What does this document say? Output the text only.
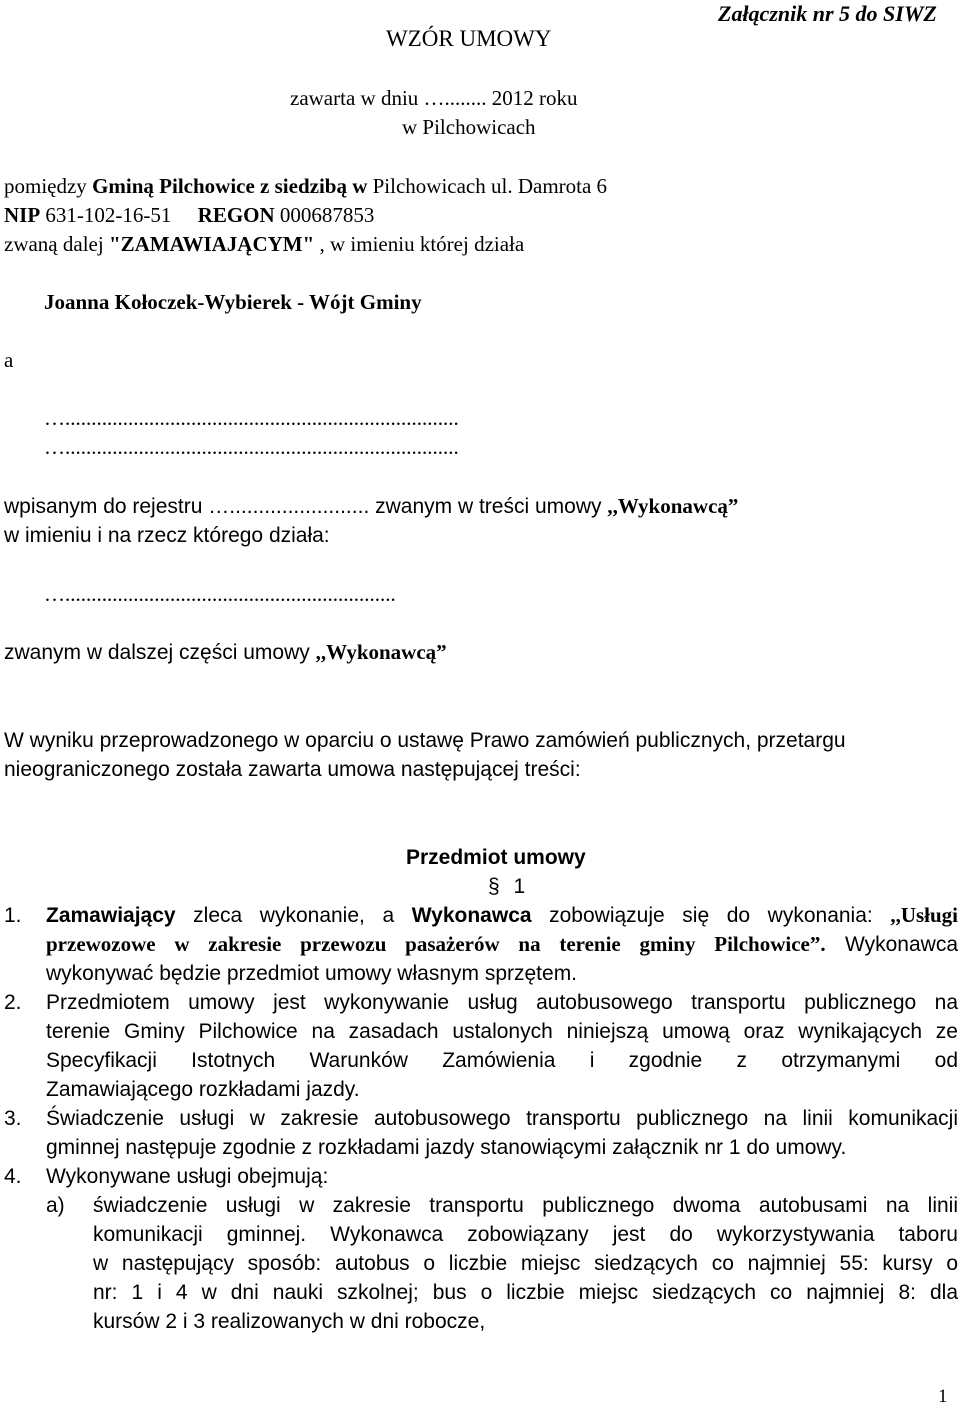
WZÓR UMOWY
Załącznik nr 5 do SIWZ
zawarta w dniu …........ 2012 roku
w Pilchowicach
pomiędzy Gminą Pilchowice z siedzibą w Pilchowicach ul. Damrota 6
NIP 631-102-16-51     REGON 000687853
zwaną dalej "ZAMAWIAJĄCYM" , w imieniu której działa
Joanna Kołoczek-Wybierek - Wójt Gminy
a
…...........................................................................
…...........................................................................
wpisanym do rejestru …........................ zwanym w treści umowy ,,Wykonawcą”
w imieniu i na rzecz którego działa:
…...............................................................
zwanym w dalszej części umowy ,,Wykonawcą”
W wyniku przeprowadzonego w oparciu o ustawę Prawo zamówień publicznych, przetargu
nieograniczonego została zawarta umowa następującej treści:
Przedmiot umowy
§ 1
1. Zamawiający zleca wykonanie, a Wykonawca zobowiązuje się do wykonania: ,,Usługi
przewozowe w zakresie przewozu pasażerów na terenie gminy Pilchowice”. Wykonawca
wykonywać będzie przedmiot umowy własnym sprzętem.
2. Przedmiotem umowy jest wykonywanie usług autobusowego transportu publicznego na
terenie Gminy Pilchowice na zasadach ustalonych niniejszą umową oraz wynikających ze
Specyfikacji Istotnych Warunków Zamówienia i zgodnie z otrzymanymi od
Zamawiającego rozkładami jazdy.
3. Świadczenie usługi w zakresie autobusowego transportu publicznego na linii komunikacji
gminnej następuje zgodnie z rozkładami jazdy stanowiącymi załącznik nr 1 do umowy.
4. Wykonywane usługi obejmują:
a) świadczenie usługi w zakresie transportu publicznego dwoma autobusami na linii
komunikacji gminnej. Wykonawca zobowiązany jest do wykorzystywania taboru
w następujący sposób: autobus o liczbie miejsc siedzących co najmniej 55: kursy o
nr: 1 i 4 w dni nauki szkolnej; bus o liczbie miejsc siedzących co najmniej 8: dla
kursów 2 i 3 realizowanych w dni robocze,
1
